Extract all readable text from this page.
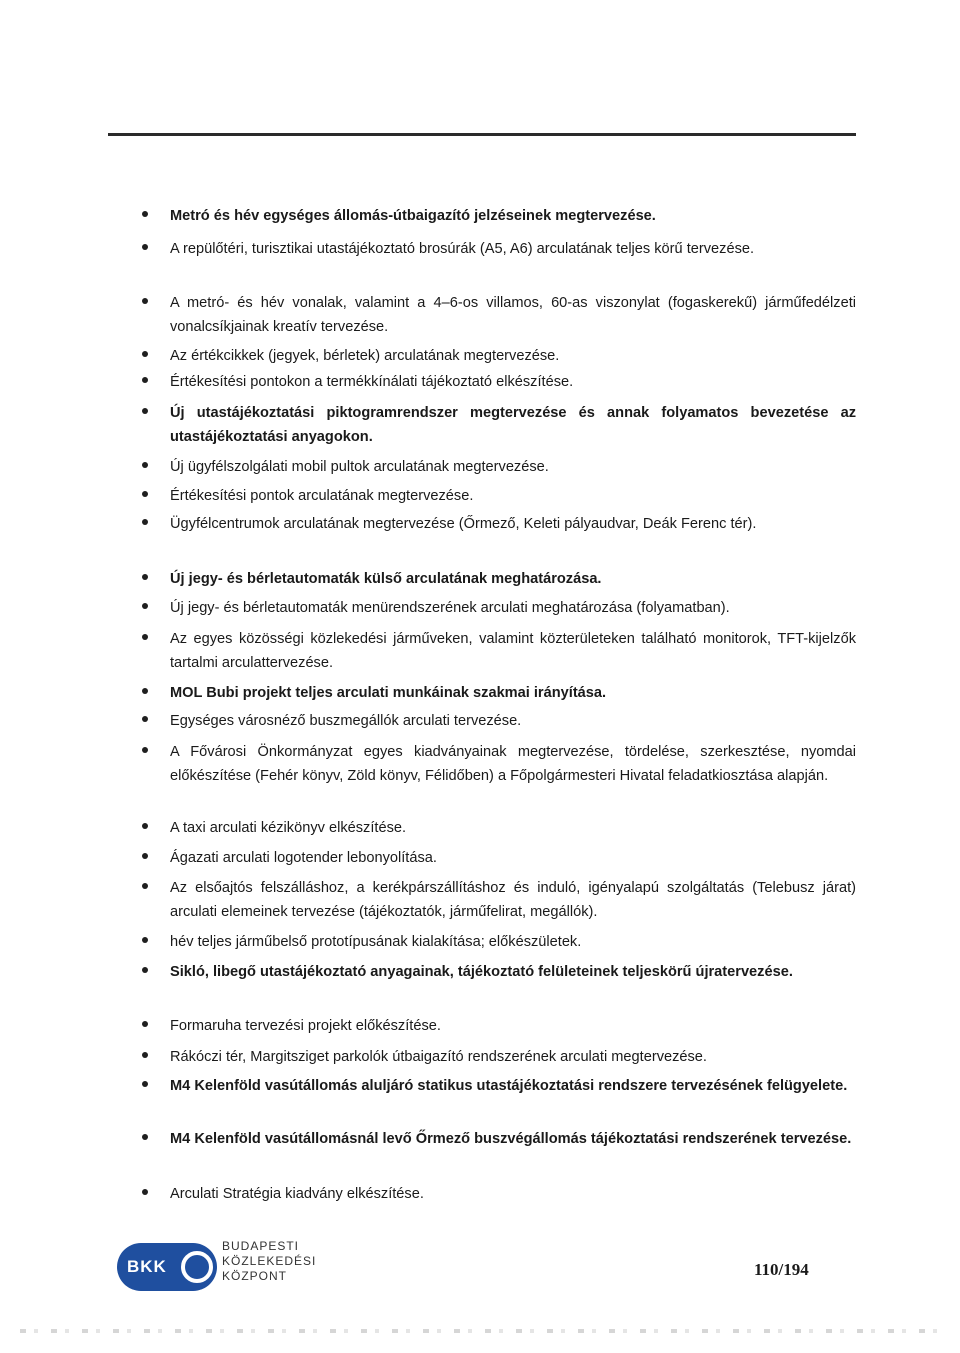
Metró és hév egységes állomás-útbaigazító jelzéseinek megtervezése.
A repülőtéri, turisztikai utastájékoztató brosúrák (A5, A6) arculatának teljes körű tervezése.
A metró- és hév vonalak, valamint a 4–6-os villamos, 60-as viszonylat (fogaskerekű) járműfedélzeti vonalcsíkjainak kreatív tervezése.
Az értékcikkek (jegyek, bérletek) arculatának megtervezése.
Értékesítési pontokon a termékkínálati tájékoztató elkészítése.
Új utastájékoztatási piktogramrendszer megtervezése és annak folyamatos bevezetése az utastájékoztatási anyagokon.
Új ügyfélszolgálati mobil pultok arculatának megtervezése.
Értékesítési pontok arculatának megtervezése.
Ügyfélcentrumok arculatának megtervezése (Őrmező, Keleti pályaudvar, Deák Ferenc tér).
Új jegy- és bérletautomaták külső arculatának meghatározása.
Új jegy- és bérletautomaták menürendszerének arculati meghatározása (folyamatban).
Az egyes közösségi közlekedési járműveken, valamint közterületeken található monitorok, TFT-kijelzők tartalmi arculattervezése.
MOL Bubi projekt teljes arculati munkáinak szakmai irányítása.
Egységes városnéző buszmegállók arculati tervezése.
A Fővárosi Önkormányzat egyes kiadványainak megtervezése, tördelése, szerkesztése, nyomdai előkészítése (Fehér könyv, Zöld könyv, Félidőben) a Főpolgármesteri Hivatal feladatkiosztása alapján.
A taxi arculati kézikönyv elkészítése.
Ágazati arculati logotender lebonyolítása.
Az elsőajtós felszálláshoz, a kerékpárszállításhoz és induló, igényalapú szolgáltatás (Telebusz járat) arculati elemeinek tervezése (tájékoztatók, járműfelirat, megállók).
hév teljes járműbelső prototípusának kialakítása; előkészületek.
Sikló, libegő utastájékoztató anyagainak, tájékoztató felületeinek teljeskörű újratervezése.
Formaruha tervezési projekt előkészítése.
Rákóczi tér, Margitsziget parkolók útbaigazító rendszerének arculati megtervezése.
M4 Kelenföld vasútállomás aluljáró statikus utastájékoztatási rendszere tervezésének felügyelete.
M4 Kelenföld vasútállomásnál levő Őrmező buszvégállomás tájékoztatási rendszerének tervezése.
Arculati Stratégia kiadvány elkészítése.
BKK
BUDAPESTI
KÖZLEKEDÉSI
KÖZPONT	110/194
